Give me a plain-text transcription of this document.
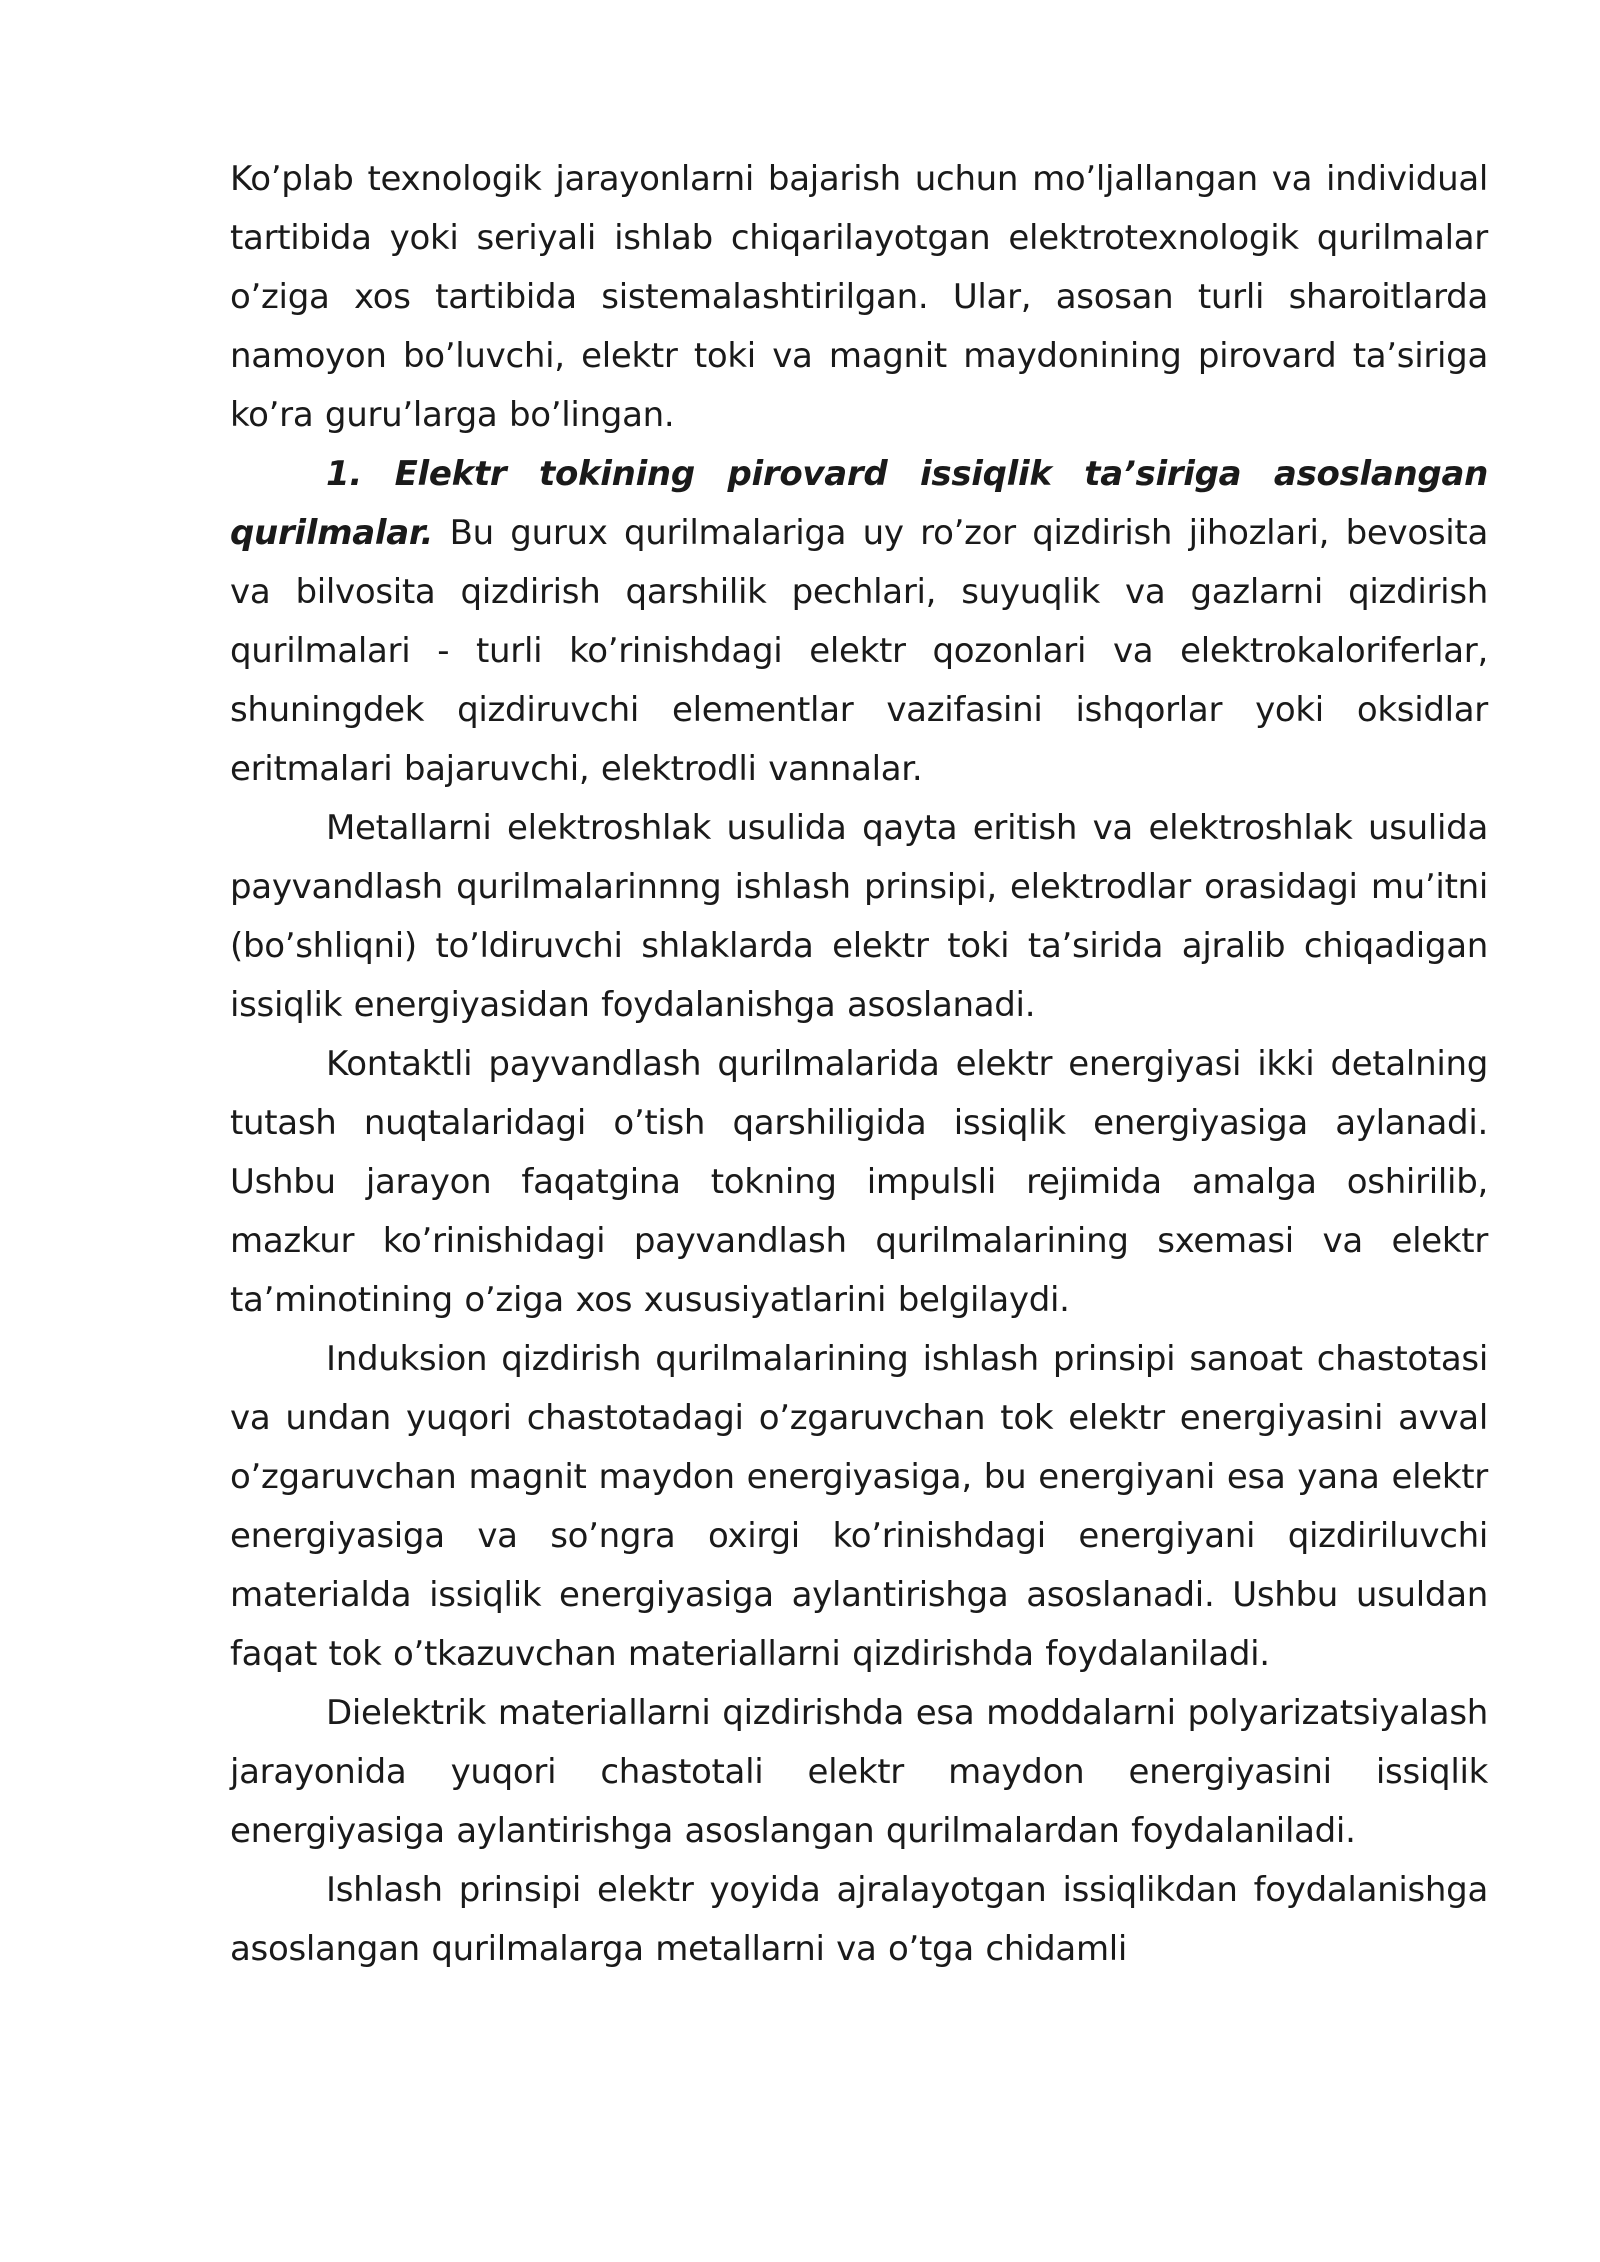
Ko’plab texnologik jarayonlarni bajarish uchun mo’ljallangan va individual tartibida yoki seriyali ishlab chiqarilayotgan elektrotexnologik qurilmalar o’ziga xos tartibida sistemalashtirilgan. Ular, asosan turli sharoitlarda namoyon bo’luvchi, elektr toki va magnit maydonining pirovard ta’siriga ko’ra guru’larga bo’lingan.

1. Elektr tokining pirovard issiqlik ta’siriga asoslangan qurilmalar. Bu gurux qurilmalariga uy ro’zor qizdirish jihozlari, bevosita va bilvosita qizdirish qarshilik pechlari, suyuqlik va gazlarni qizdirish qurilmalari - turli ko’rinishdagi elektr qozonlari va elektrokaloriferlar, shuningdek qizdiruvchi elementlar vazifasini ishqorlar yoki oksidlar eritmalari bajaruvchi, elektrodli vannalar.

Metallarni elektroshlak usulida qayta eritish va elektroshlak usulida payvandlash qurilmalarinnng ishlash prinsipi, elektrodlar orasidagi mu’itni (bo’shliqni) to’ldiruvchi shlaklarda elektr toki ta’sirida ajralib chiqadigan issiqlik energiyasidan foydalanishga asoslanadi.

Kontaktli payvandlash qurilmalarida elektr energiyasi ikki detalning tutash nuqtalaridagi o’tish qarshiligida issiqlik energiyasiga aylanadi. Ushbu jarayon faqatgina tokning impulsli rejimida amalga oshirilib, mazkur ko’rinishidagi payvandlash qurilmalarining sxemasi va elektr ta’minotining o’ziga xos xususiyatlarini belgilaydi.

Induksion qizdirish qurilmalarining ishlash prinsipi sanoat chastotasi va undan yuqori chastotadagi o’zgaruvchan tok elektr energiyasini avval o’zgaruvchan magnit maydon energiyasiga, bu energiyani esa yana elektr energiyasiga va so’ngra oxirgi ko’rinishdagi energiyani qizdiriluvchi materialda issiqlik energiyasiga aylantirishga asoslanadi. Ushbu usuldan faqat tok o’tkazuvchan materiallarni qizdirishda foydalaniladi.

Dielektrik materiallarni qizdirishda esa moddalarni polyarizatsiyalash jarayonida yuqori chastotali elektr maydon energiyasini issiqlik energiyasiga aylantirishga asoslangan qurilmalardan foydalaniladi.

Ishlash prinsipi elektr yoyida ajralayotgan issiqlikdan foydalanishga asoslangan qurilmalarga metallarni va o’tga chidamli
